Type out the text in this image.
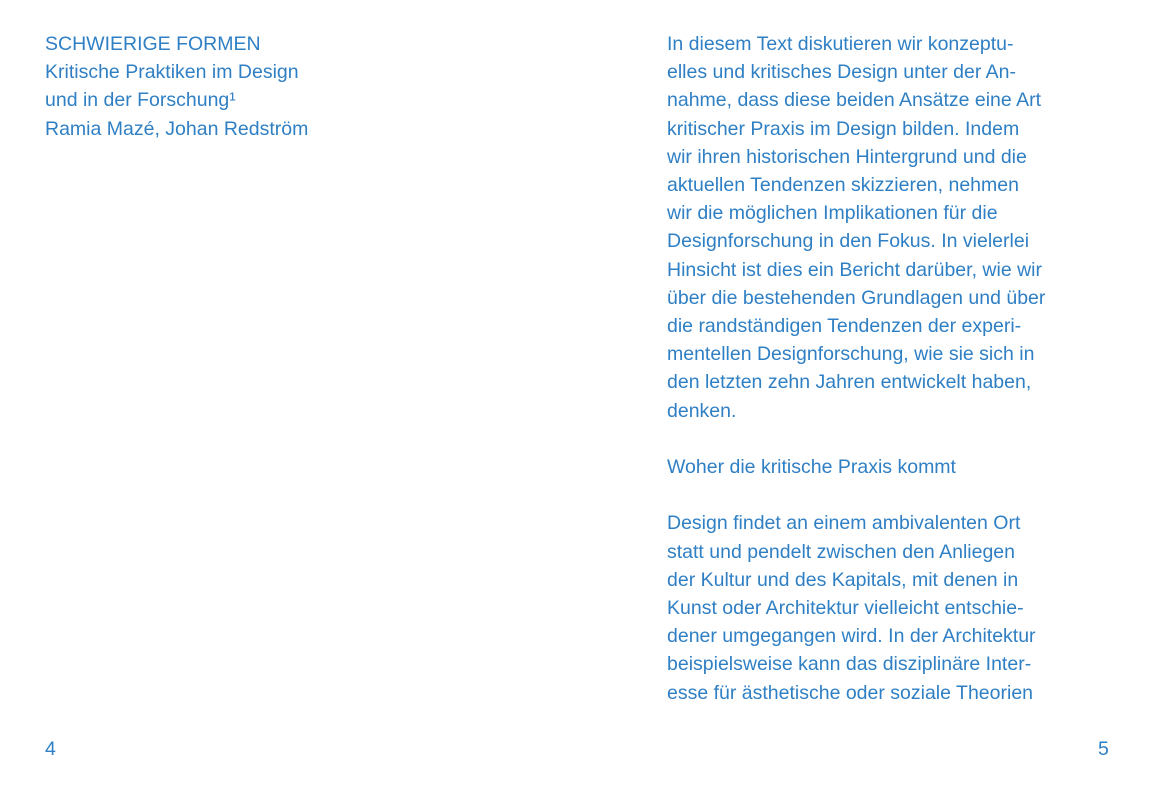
SCHWIERIGE FORMEN
Kritische Praktiken im Design
und in der Forschung¹
Ramia Mazé, Johan Redström
4
In diesem Text diskutieren wir konzeptu-
elles und kritisches Design unter der An-
nahme, dass diese beiden Ansätze eine Art
kritischer Praxis im Design bilden. Indem
wir ihren historischen Hintergrund und die
aktuellen Tendenzen skizzieren, nehmen
wir die möglichen Implikationen für die
Designforschung in den Fokus. In vielerlei
Hinsicht ist dies ein Bericht darüber, wie wir
über die bestehenden Grundlagen und über
die randständigen Tendenzen der experi-
mentellen Designforschung, wie sie sich in
den letzten zehn Jahren entwickelt haben,
denken.
Woher die kritische Praxis kommt
Design findet an einem ambivalenten Ort
statt und pendelt zwischen den Anliegen
der Kultur und des Kapitals, mit denen in
Kunst oder Architektur vielleicht entschie-
dener umgegangen wird. In der Architektur
beispielsweise kann das disziplinäre Inter-
esse für ästhetische oder soziale Theorien
5
